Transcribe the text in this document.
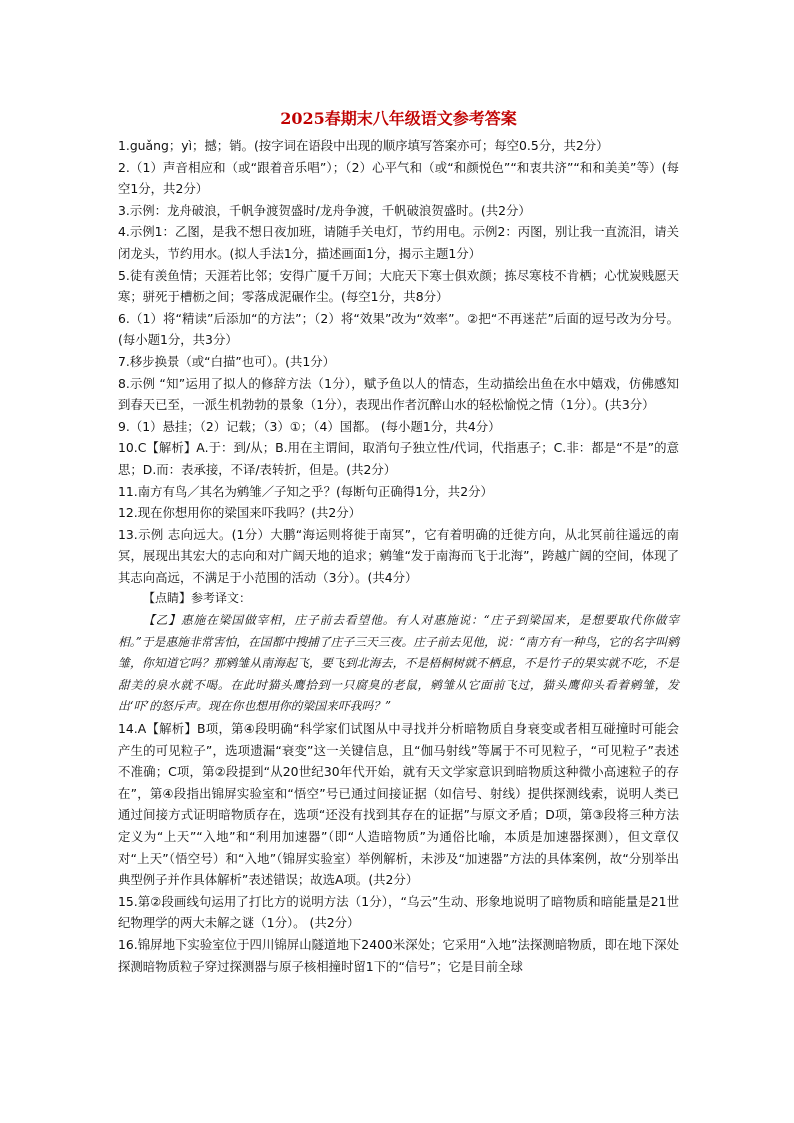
2025春期末八年级语文参考答案

1.guǎng；yì；撼；销。(按字词在语段中出现的顺序填写答案亦可；每空0.5分，共2分）

2.（1）声音相应和（或“跟着音乐唱”）；（2）心平气和（或“和颜悦色”“和衷共济”“和和美美”等）(每空1分，共2分）

3.示例：龙舟破浪，千帆争渡贺盛时/龙舟争渡，千帆破浪贺盛时。(共2分）

4.示例1：乙图，是我不想日夜加班，请随手关电灯，节约用电。示例2：丙图，别让我一直流泪，请关闭龙头，节约用水。(拟人手法1分，描述画面1分，揭示主题1分）

5.徒有羡鱼情；天涯若比邻；安得广厦千万间；大庇天下寒士俱欢颜；拣尽寒枝不肯栖；心忧炭贱愿天寒；骈死于槽枥之间；零落成泥碾作尘。(每空1分，共8分）

6.（1）将“精读”后添加“的方法”；（2）将“效果”改为“效率”。②把“不再迷茫”后面的逗号改为分号。(每小题1分，共3分）

7.移步换景（或“白描”也可）。(共1分）

8.示例 “知”运用了拟人的修辞方法（1分），赋予鱼以人的情态，生动描绘出鱼在水中嬉戏，仿佛感知到春天已至，一派生机勃勃的景象（1分），表现出作者沉醉山水的轻松愉悦之情（1分）。(共3分）

9.（1）悬挂；（2）记载；（3）①；（4）国都。 (每小题1分，共4分）

10.C【解析】A.于：到/从；B.用在主谓间，取消句子独立性/代词，代指惠子；C.非：都是“不是”的意思；D.而：表承接，不译/表转折，但是。(共2分）

11.南方有鸟／其名为鹓雏／子知之乎？(每断句正确得1分，共2分）

12.现在你想用你的梁国来吓我吗？(共2分）

13.示例 志向远大。(1分）大鹏“海运则将徙于南冥”，它有着明确的迁徙方向，从北冥前往遥远的南冥，展现出其宏大的志向和对广阔天地的追求；鹓雏“发于南海而飞于北海”，跨越广阔的空间，体现了其志向高远，不满足于小范围的活动（3分）。(共4分）

【点睛】参考译文：

【乙】惠施在梁国做宰相，庄子前去看望他。有人对惠施说：“庄子到梁国来，是想要取代你做宰相。”于是惠施非常害怕，在国都中搜捕了庄子三天三夜。庄子前去见他，说：“南方有一种鸟，它的名字叫鹓雏，你知道它吗？那鹓雏从南海起飞，要飞到北海去，不是梧桐树就不栖息，不是竹子的果实就不吃，不是甜美的泉水就不喝。在此时猫头鹰拾到一只腐臭的老鼠，鹓雏从它面前飞过，猫头鹰仰头看着鹓雏，发出‘吓’的怒斥声。现在你也想用你的梁国来吓我吗？”

14.A【解析】B项，第④段明确“科学家们试图从中寻找并分析暗物质自身衰变或者相互碰撞时可能会产生的可见粒子”，选项遗漏“衰变”这一关键信息，且“伽马射线”等属于不可见粒子，“可见粒子”表述不准确；C项，第②段提到“从20世纪30年代开始，就有天文学家意识到暗物质这种微小高速粒子的存在”，第④段指出锦屏实验室和“悟空”号已通过间接证据（如信号、射线）提供探测线索，说明人类已通过间接方式证明暗物质存在，选项“还没有找到其存在的证据”与原文矛盾；D项，第③段将三种方法定义为“上天”“入地”和“利用加速器”（即“人造暗物质”为通俗比喻，本质是加速器探测），但文章仅对“上天”（悟空号）和“入地”（锦屏实验室）举例解析，未涉及“加速器”方法的具体案例，故“分别举出典型例子并作具体解析”表述错误；故选A项。(共2分）

15.第②段画线句运用了打比方的说明方法（1分），“乌云”生动、形象地说明了暗物质和暗能量是21世纪物理学的两大未解之谜（1分）。 (共2分）

16.锦屏地下实验室位于四川锦屏山隧道地下2400米深处；它采用“入地”法探测暗物质，即在地下深处探测暗物质粒子穿过探测器与原子核相撞时留1下的“信号”；它是目前全球
